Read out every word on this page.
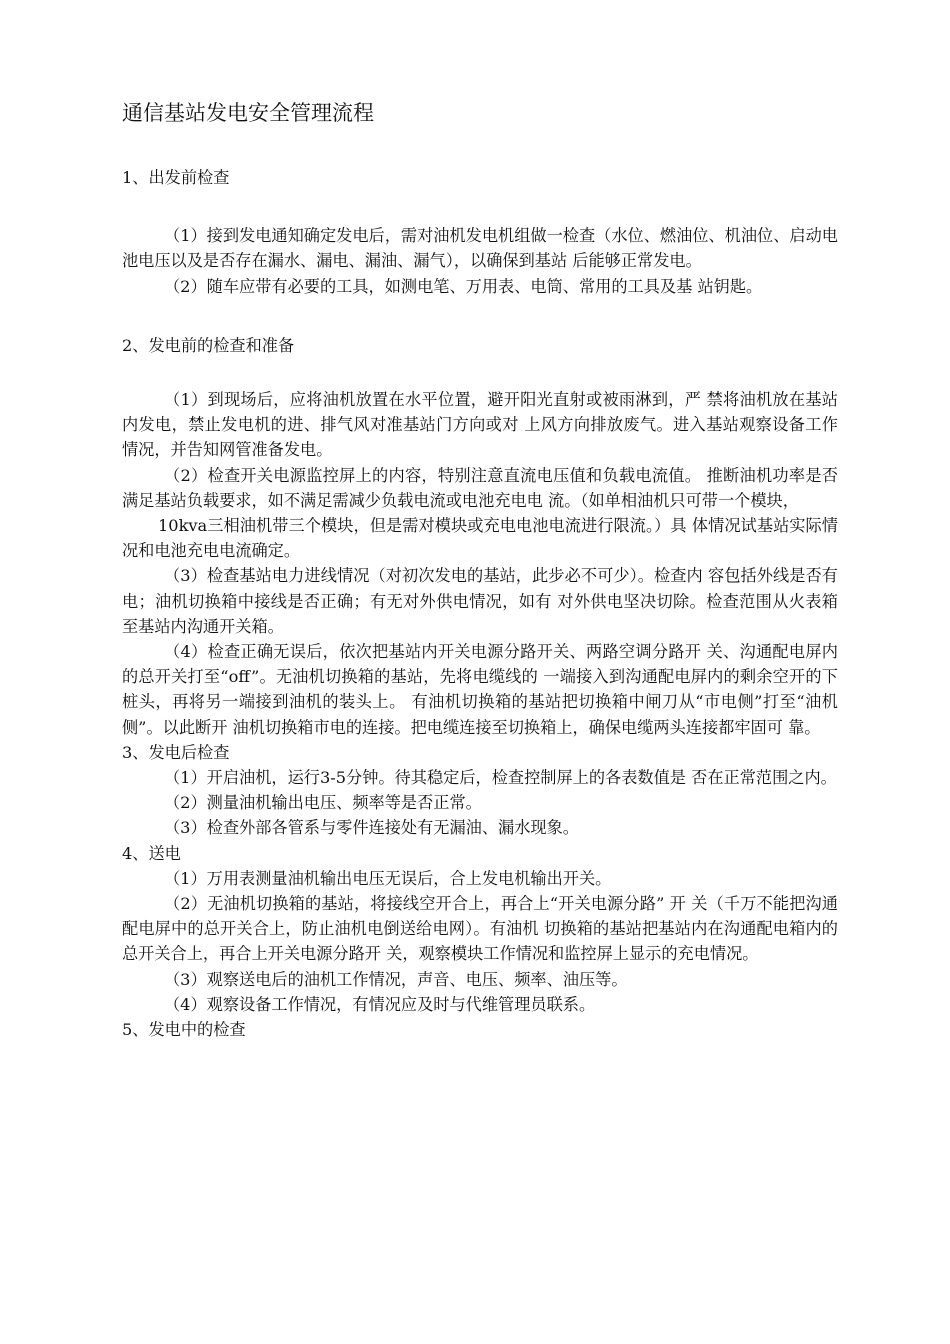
通信基站发电安全管理流程

1、出发前检查

（1）接到发电通知确定发电后，需对油机发电机组做一检查（水位、燃油位、机油位、启动电池电压以及是否存在漏水、漏电、漏油、漏气），以确保到基站 后能够正常发电。

（2）随车应带有必要的工具，如测电笔、万用表、电筒、常用的工具及基 站钥匙。

2、发电前的检查和准备

（1）到现场后，应将油机放置在水平位置，避开阳光直射或被雨淋到，严 禁将油机放在基站内发电，禁止发电机的进、排气风对准基站门方向或对 上风方向排放废气。进入基站观察设备工作情况，并告知网管准备发电。

（2）检查开关电源监控屏上的内容，特别注意直流电压值和负载电流值。 推断油机功率是否满足基站负载要求，如不满足需减少负载电流或电池充电电 流。（如单相油机只可带一个模块，

10kva三相油机带三个模块，但是需对模块或充电电池电流进行限流。）具 体情况试基站实际情况和电池充电电流确定。

（3）检查基站电力进线情况（对初次发电的基站，此步必不可少）。检查内 容包括外线是否有电；油机切换箱中接线是否正确；有无对外供电情况，如有 对外供电坚决切除。检查范围从火表箱至基站内沟通开关箱。

（4）检查正确无误后，依次把基站内开关电源分路开关、两路空调分路开 关、沟通配电屏内的总开关打至“off”。无油机切换箱的基站，先将电缆线的 一端接入到沟通配电屏内的剩余空开的下桩头，再将另一端接到油机的装头上。 有油机切换箱的基站把切换箱中闸刀从“市电侧”打至“油机侧”。以此断开 油机切换箱市电的连接。把电缆连接至切换箱上，确保电缆两头连接都牢固可 靠。

3、发电后检查

（1）开启油机，运行3-5分钟。待其稳定后，检查控制屏上的各表数值是 否在正常范围之内。

（2）测量油机输出电压、频率等是否正常。

（3）检查外部各管系与零件连接处有无漏油、漏水现象。

4、送电

（1）万用表测量油机输出电压无误后，合上发电机输出开关。

（2）无油机切换箱的基站，将接线空开合上，再合上“开关电源分路” 开 关（千万不能把沟通配电屏中的总开关合上，防止油机电倒送给电网）。有油机 切换箱的基站把基站内在沟通配电箱内的总开关合上，再合上开关电源分路开 关，观察模块工作情况和监控屏上显示的充电情况。

（3）观察送电后的油机工作情况，声音、电压、频率、油压等。

（4）观察设备工作情况，有情况应及时与代维管理员联系。

5、发电中的检查
